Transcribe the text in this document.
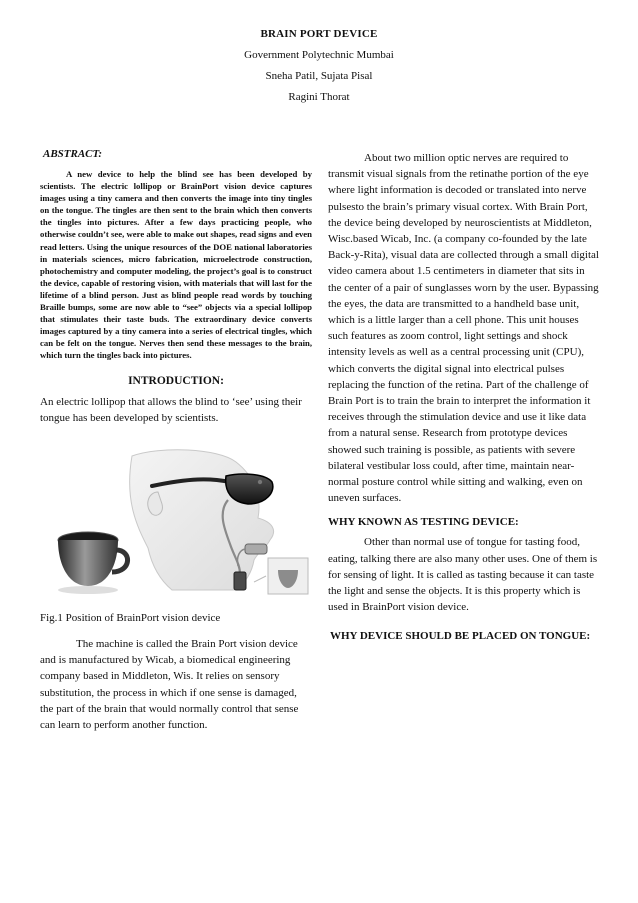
BRAIN PORT DEVICE
Government Polytechnic Mumbai
Sneha Patil, Sujata Pisal
Ragini Thorat
ABSTRACT:

A new device to help the blind see has been developed by scientists. The electric lollipop or BrainPort vision device captures images using a tiny camera and then converts the image into tiny tingles on the tongue. The tingles are then sent to the brain which then converts the tingles into pictures. After a few days practicing people, who otherwise couldn’t see, were able to make out shapes, read signs and even read letters. Using the unique resources of the DOE national laboratories in materials sciences, micro fabrication, microelectrode construction, photochemistry and computer modeling, the project’s goal is to construct the device, capable of restoring vision, with materials that will last for the lifetime of a blind person. Just as blind people read words by touching Braille bumps, some are now able to “see” objects via a special lollipop that stimulates their taste buds. The extraordinary device converts images captured by a tiny camera into a series of electrical tingles, which can be felt on the tongue. Nerves then send these messages to the brain, which turn the tingles back into pictures.

INTRODUCTION:

An electric lollipop that allows the blind to ‘see’ using their tongue has been developed by scientists.

Fig.1 Position of BrainPort vision device

The machine is called the Brain Port vision device and is manufactured by Wicab, a biomedical engineering company based in Middleton, Wis. It relies on sensory substitution, the process in which if one sense is damaged, the part of the brain that would normally control that sense can learn to perform another function.

About two million optic nerves are required to transmit visual signals from the retinathe portion of the eye where light information is decoded or translated into nerve pulsesto the brain’s primary visual cortex. With Brain Port, the device being developed by neuroscientists at Middleton, Wisc.based Wicab, Inc. (a company co-founded by the late Back-y-Rita), visual data are collected through a small digital video camera about 1.5 centimeters in diameter that sits in the center of a pair of sunglasses worn by the user. Bypassing the eyes, the data are transmitted to a handheld base unit, which is a little larger than a cell phone. This unit houses such features as zoom control, light settings and shock intensity levels as well as a central processing unit (CPU), which converts the digital signal into electrical pulses replacing the function of the retina. Part of the challenge of Brain Port is to train the brain to interpret the information it receives through the stimulation device and use it like data from a natural sense. Research from prototype devices showed such training is possible, as patients with severe bilateral vestibular loss could, after time, maintain near-normal posture control while sitting and walking, even on uneven surfaces.

WHY KNOWN AS TESTING DEVICE:

Other than normal use of tongue for tasting food, eating, talking there are also many other uses. One of them is for sensing of light. It is called as tasting because it can taste the light and sense the objects. It is this property which is used in BrainPort vision device.

WHY DEVICE SHOULD BE PLACED ON TONGUE:
